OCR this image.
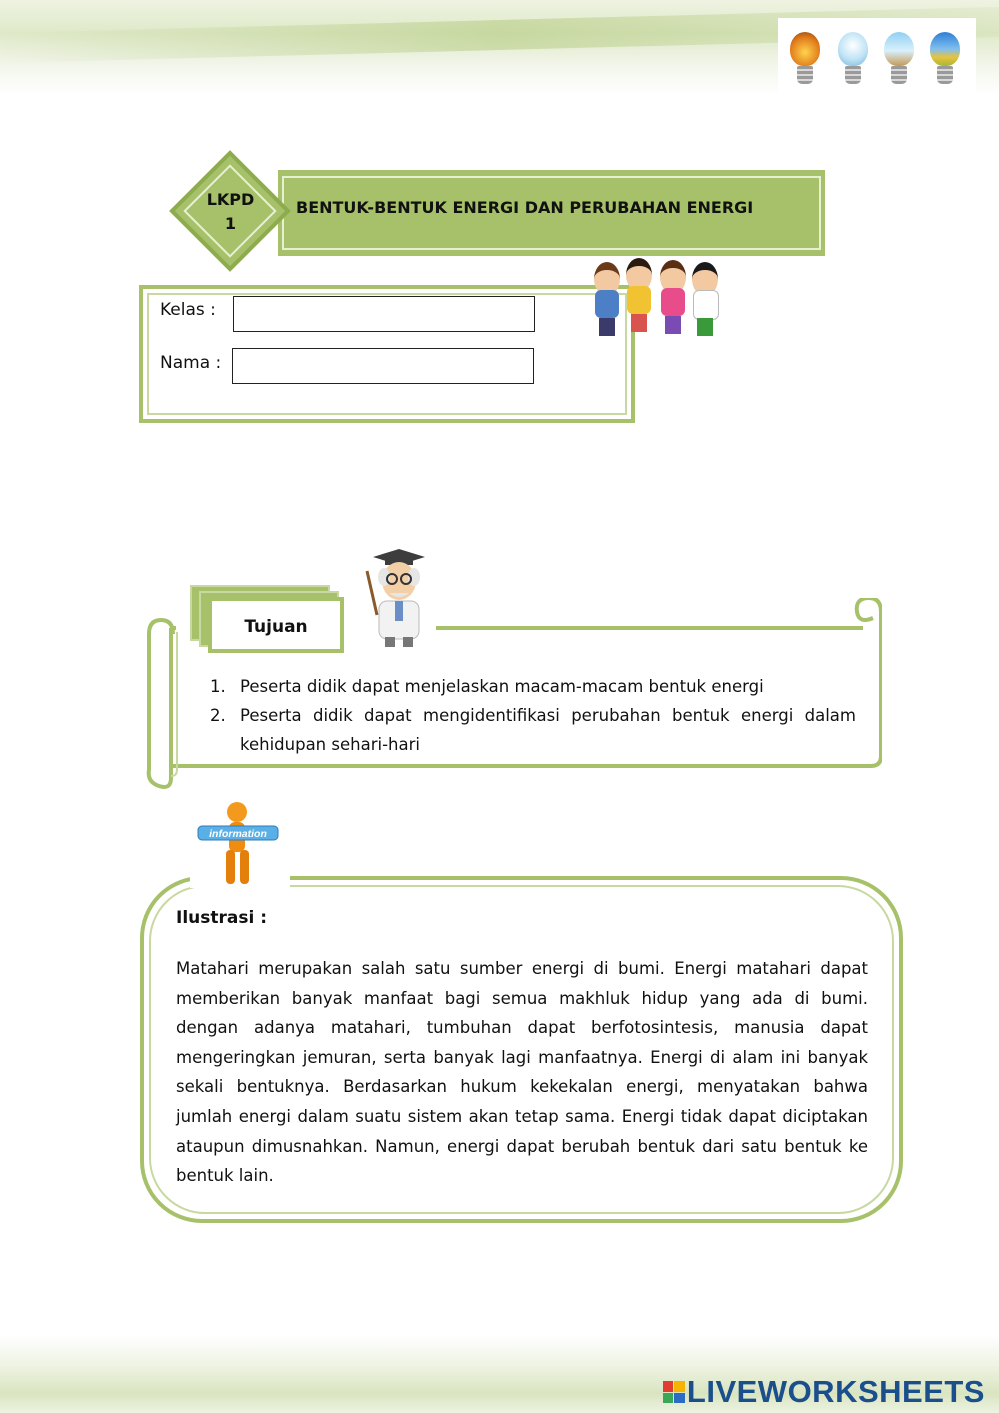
BENTUK-BENTUK ENERGI DAN PERUBAHAN ENERGI
LKPD
1
Kelas :
Nama :
Tujuan
1. Peserta didik dapat menjelaskan macam-macam bentuk energi
2. Peserta didik dapat mengidentifikasi perubahan bentuk energi dalam kehidupan sehari-hari
information
Ilustrasi :
Matahari merupakan salah satu sumber energi di bumi. Energi matahari dapat memberikan banyak manfaat bagi semua makhluk hidup yang ada di bumi. dengan adanya matahari, tumbuhan dapat berfotosintesis, manusia dapat mengeringkan jemuran, serta banyak lagi manfaatnya. Energi di alam ini banyak sekali bentuknya. Berdasarkan hukum kekekalan energi, menyatakan bahwa jumlah energi dalam suatu sistem akan tetap sama. Energi tidak dapat diciptakan ataupun dimusnahkan. Namun, energi dapat berubah bentuk dari satu bentuk ke bentuk lain.
LIVEWORKSHEETS
